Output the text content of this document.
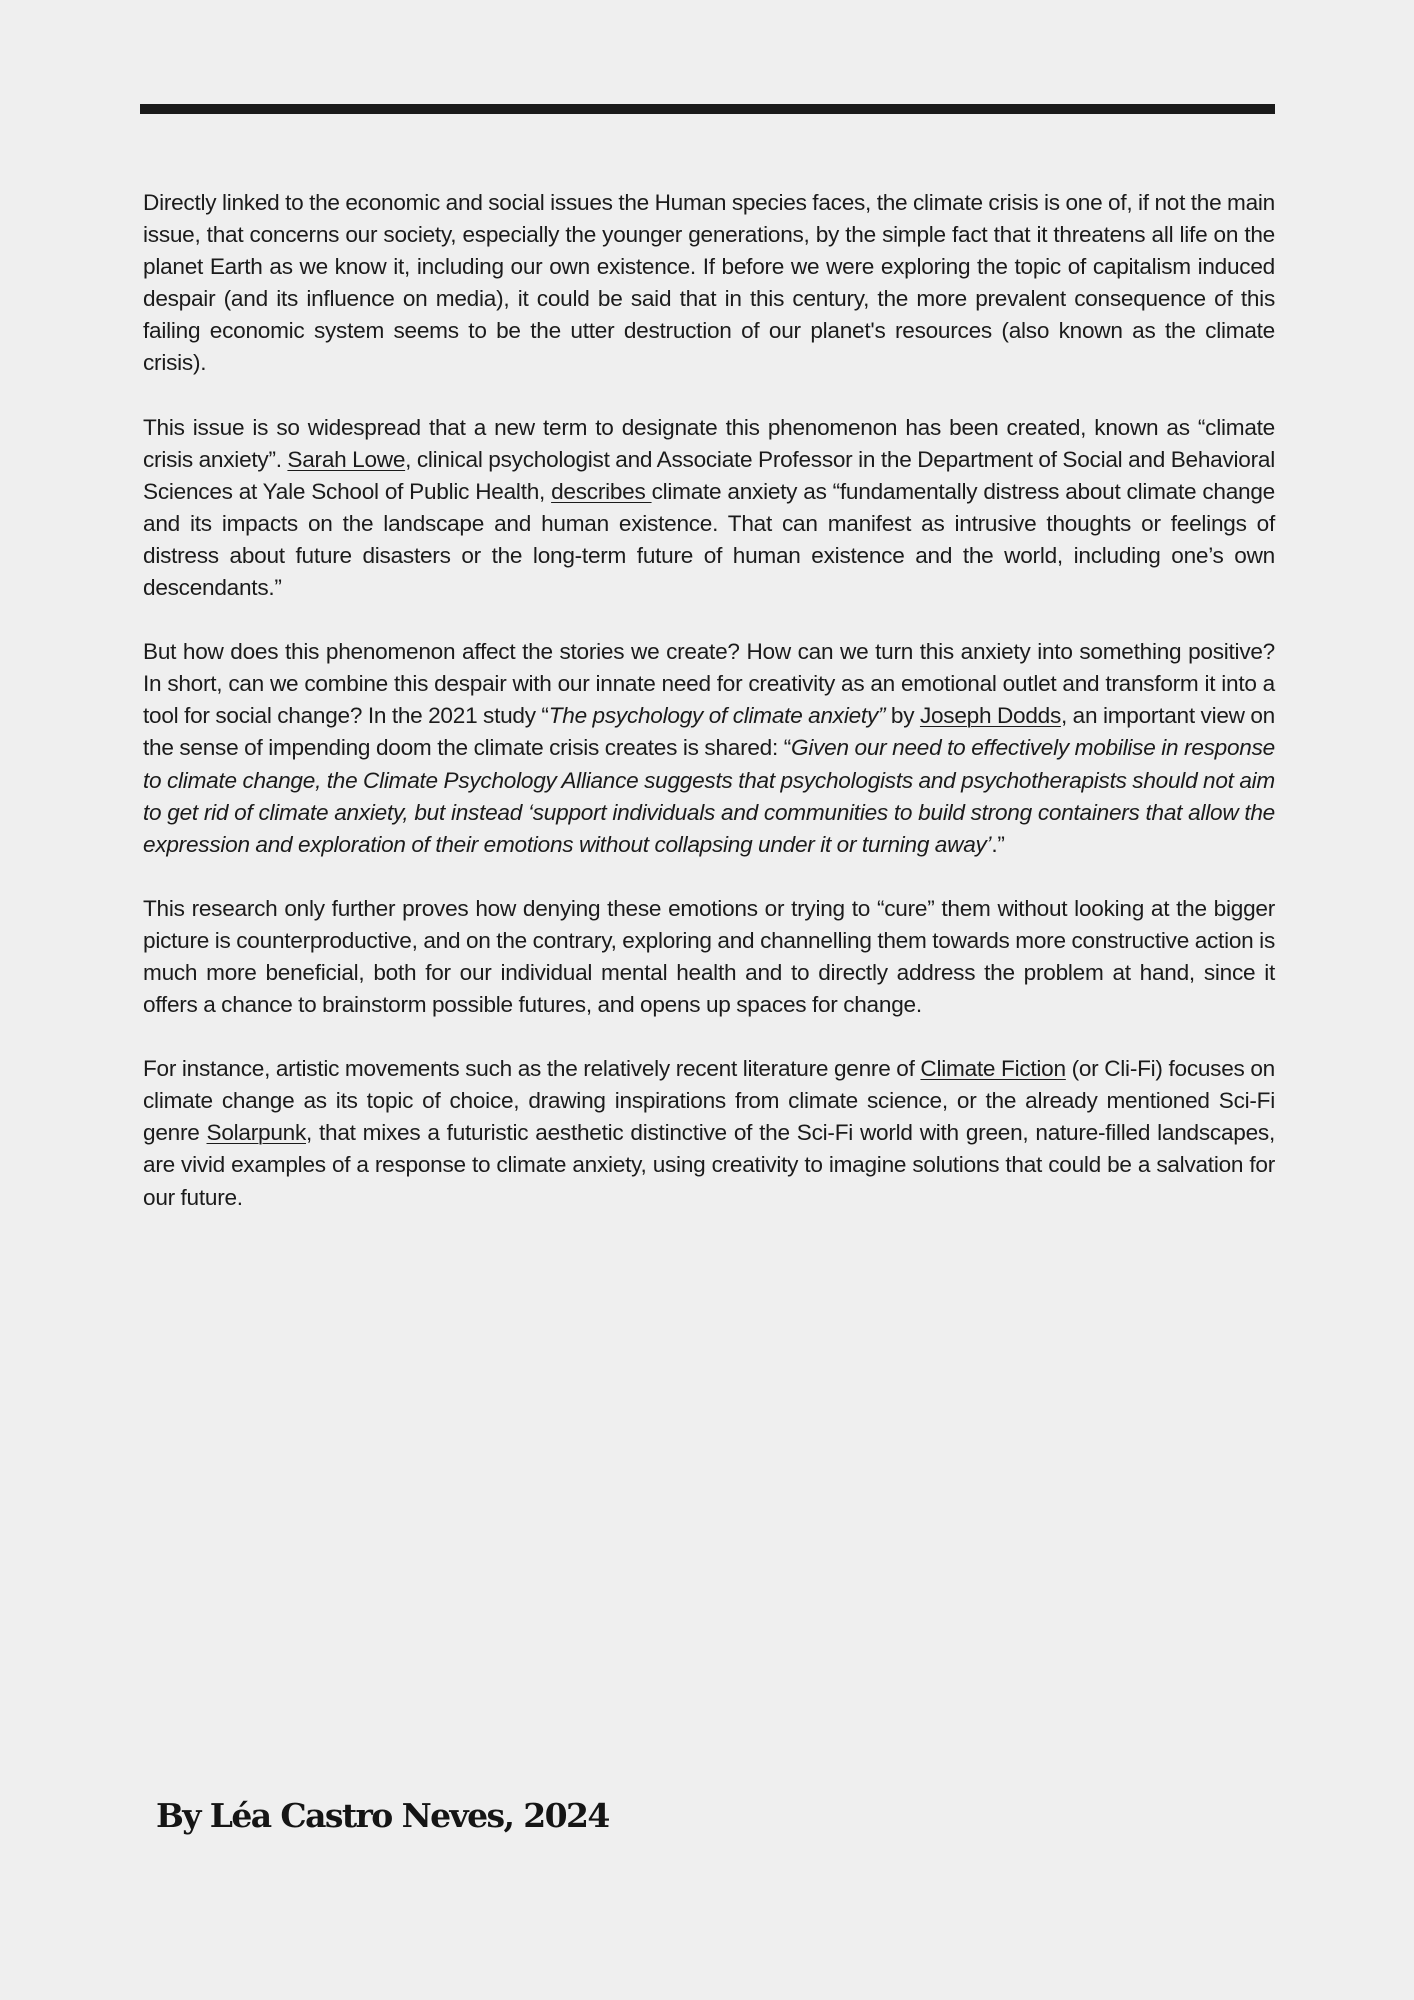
Directly linked to the economic and social issues the Human species faces, the climate crisis is one of, if not the main issue, that concerns our society, especially the younger generations, by the simple fact that it threatens all life on the planet Earth as we know it, including our own existence. If before we were exploring the topic of capitalism induced despair (and its influence on media), it could be said that in this century, the more prevalent consequence of this failing economic system seems to be the utter destruction of our planet's resources (also known as the climate crisis).

This issue is so widespread that a new term to designate this phenomenon has been created, known as “climate crisis anxiety”. Sarah Lowe, clinical psychologist and Associate Professor in the Department of Social and Behavioral Sciences at Yale School of Public Health, describes climate anxiety as “fundamentally distress about climate change and its impacts on the landscape and human existence. That can manifest as intrusive thoughts or feelings of distress about future disasters or the long-term future of human existence and the world, including one’s own descendants.”

But how does this phenomenon affect the stories we create? How can we turn this anxiety into something positive? In short, can we combine this despair with our innate need for creativity as an emotional outlet and transform it into a tool for social change? In the 2021 study “The psychology of climate anxiety” by Joseph Dodds, an important view on the sense of impending doom the climate crisis creates is shared: “Given our need to effectively mobilise in response to climate change, the Climate Psychology Alliance suggests that psychologists and psychotherapists should not aim to get rid of climate anxiety, but instead ‘support individuals and communities to build strong containers that allow the expression and exploration of their emotions without collapsing under it or turning away’.”

This research only further proves how denying these emotions or trying to “cure” them without looking at the bigger picture is counterproductive, and on the contrary, exploring and channelling them towards more constructive action is much more beneficial, both for our individual mental health and to directly address the problem at hand, since it offers a chance to brainstorm possible futures, and opens up spaces for change.

For instance, artistic movements such as the relatively recent literature genre of Climate Fiction (or Cli-Fi) focuses on climate change as its topic of choice, drawing inspirations from climate science, or the already mentioned Sci-Fi genre Solarpunk, that mixes a futuristic aesthetic distinctive of the Sci-Fi world with green, nature-filled landscapes, are vivid examples of a response to climate anxiety, using creativity to imagine solutions that could be a salvation for our future.

By Léa Castro Neves, 2024
